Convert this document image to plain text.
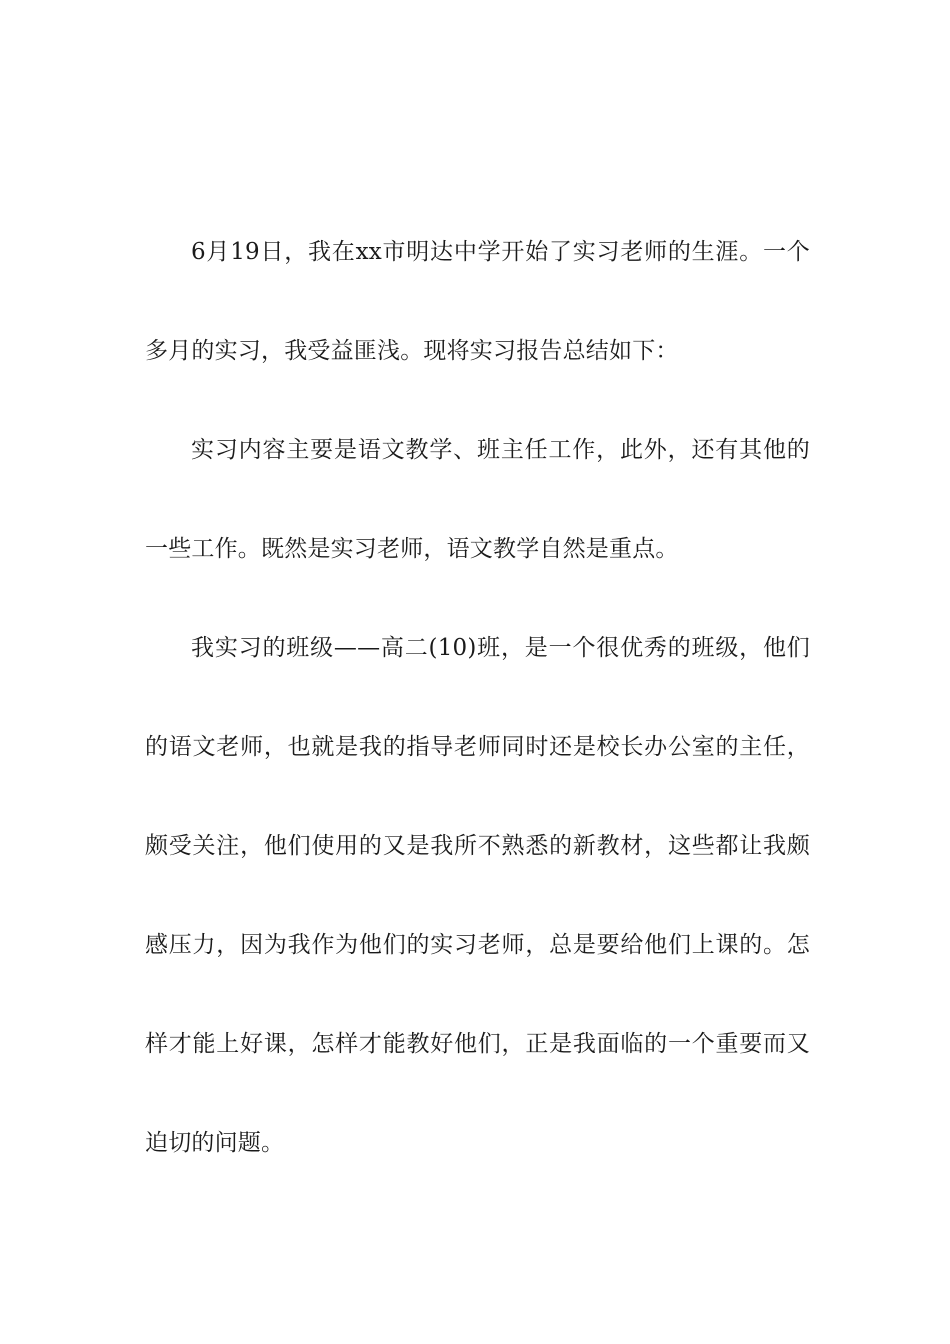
6月19日，我在xx市明达中学开始了实习老师的生涯。一个多月的实习，我受益匪浅。现将实习报告总结如下：

实习内容主要是语文教学、班主任工作，此外，还有其他的一些工作。既然是实习老师，语文教学自然是重点。

我实习的班级——高二(10)班，是一个很优秀的班级，他们的语文老师，也就是我的指导老师同时还是校长办公室的主任，颇受关注，他们使用的又是我所不熟悉的新教材，这些都让我颇感压力，因为我作为他们的实习老师，总是要给他们上课的。怎样才能上好课，怎样才能教好他们，正是我面临的一个重要而又迫切的问题。
